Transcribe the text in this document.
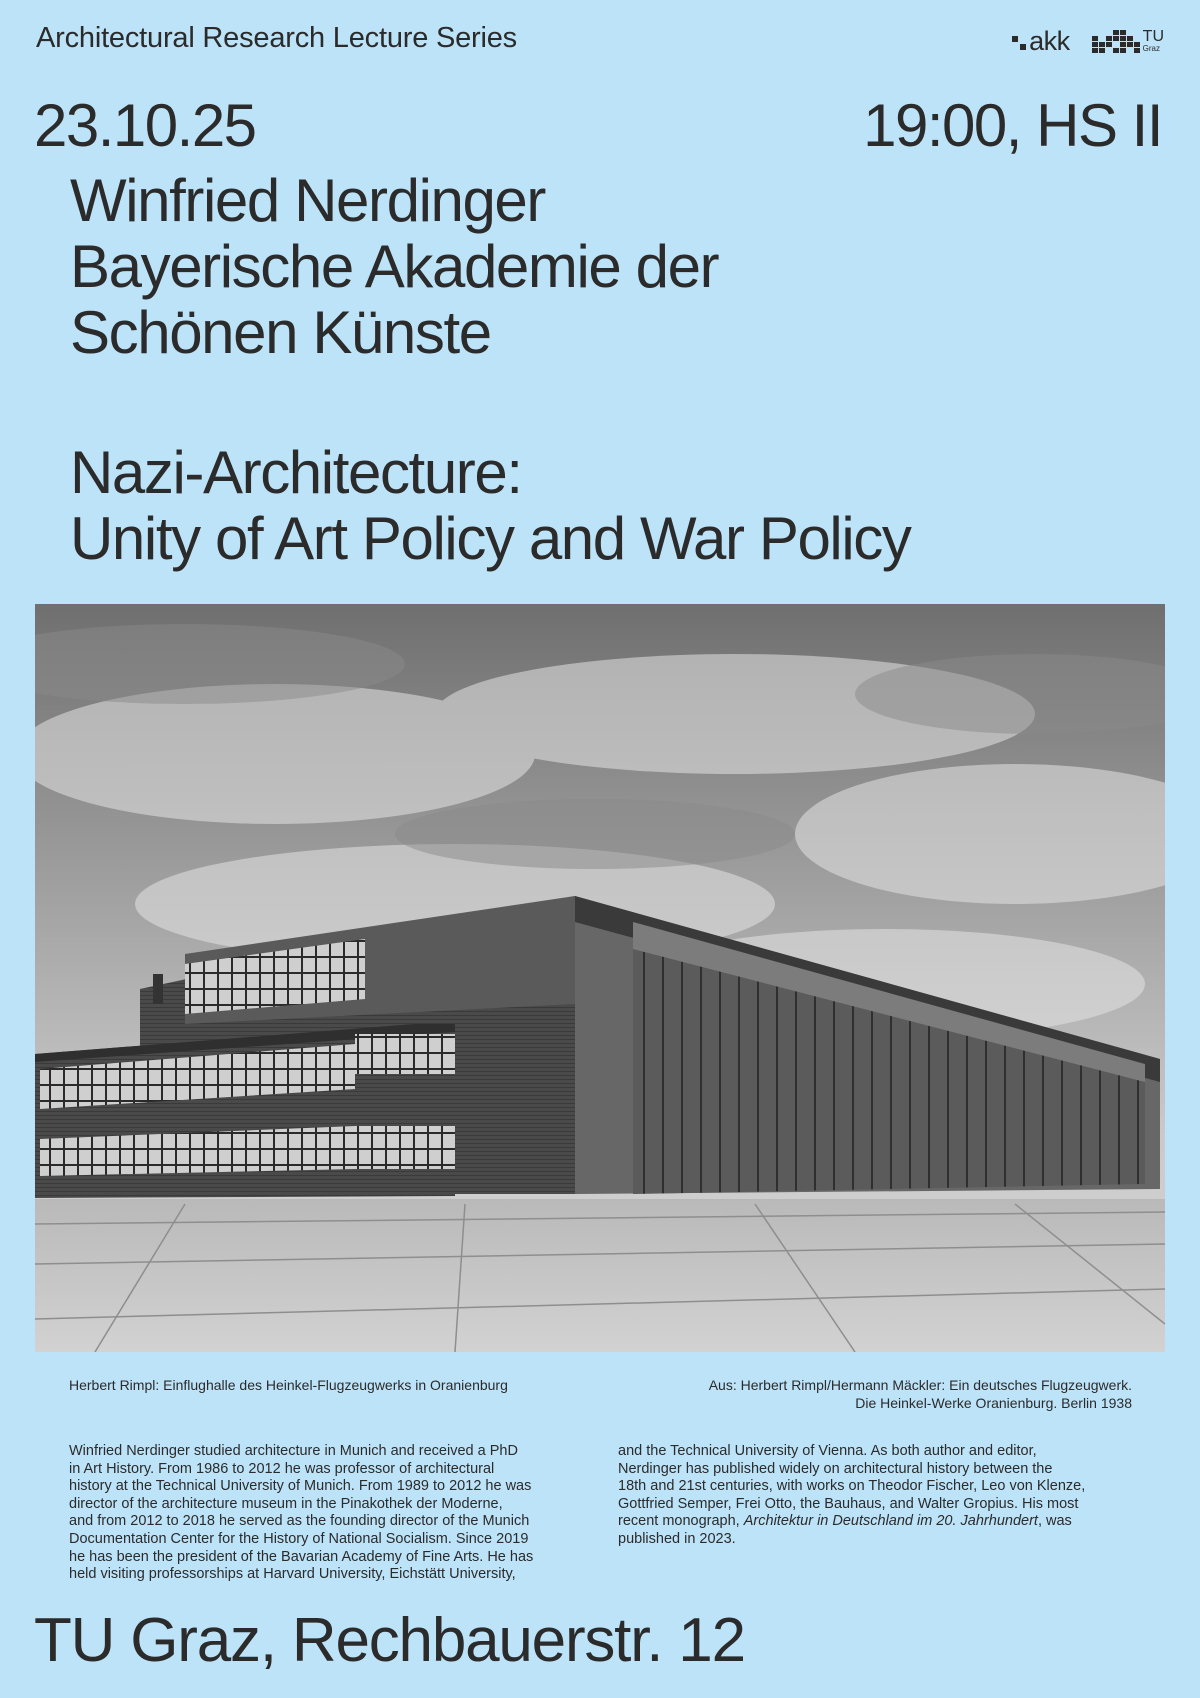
Architectural Research Lecture Series	akk	TU
Graz
23.10.25	19:00, HS II
Winfried Nerdinger
Bayerische Akademie der
Schönen Künste
Nazi-Architecture:
Unity of Art Policy and War Policy
Herbert Rimpl: Einflughalle des Heinkel-Flugzeugwerks in Oranienburg	Aus: Herbert Rimpl/Hermann Mäckler: Ein deutsches Flugzeugwerk.
Die Heinkel-Werke Oranienburg. Berlin 1938
Winfried Nerdinger studied architecture in Munich and received a PhD
in Art History. From 1986 to 2012 he was professor of architectural
history at the Technical University of Munich. From 1989 to 2012 he was
director of the architecture museum in the Pinakothek der Moderne,
and from 2012 to 2018 he served as the founding director of the Munich
Documentation Center for the History of National Socialism. Since 2019
he has been the president of the Bavarian Academy of Fine Arts. He has
held visiting professorships at Harvard University, Eichstätt University,
and the Technical University of Vienna. As both author and editor,
Nerdinger has published widely on architectural history between the
18th and 21st centuries, with works on Theodor Fischer, Leo von Klenze,
Gottfried Semper, Frei Otto, the Bauhaus, and Walter Gropius. His most
recent monograph, Architektur in Deutschland im 20. Jahrhundert, was
published in 2023.
TU Graz, Rechbauerstr. 12
